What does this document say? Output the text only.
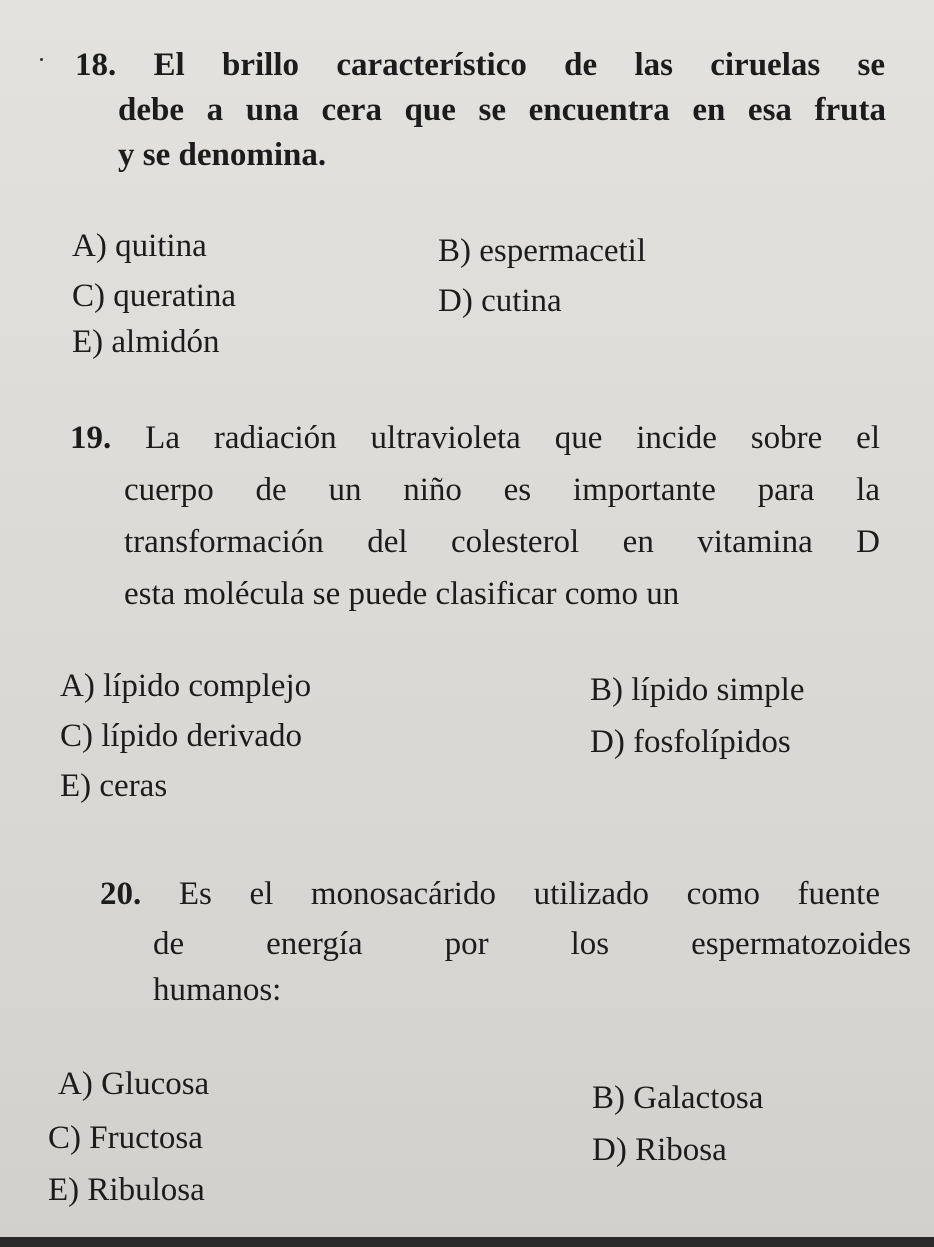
18. El brillo característico de las ciruelas se
debe a una cera que se encuentra en esa fruta
y se denomina.
A) quitina	B) espermacetil
C) queratina	D) cutina
E) almidón
19. La radiación ultravioleta que incide sobre el
cuerpo de un niño es importante para la
transformación del colesterol en vitamina D
esta molécula se puede clasificar como un
A) lípido complejo	B) lípido simple
C) lípido derivado	D) fosfolípidos
E) ceras
20. Es el monosacárido utilizado como fuente
de energía por los espermatozoides
humanos:
A) Glucosa	B) Galactosa
C) Fructosa	D) Ribosa
E) Ribulosa
